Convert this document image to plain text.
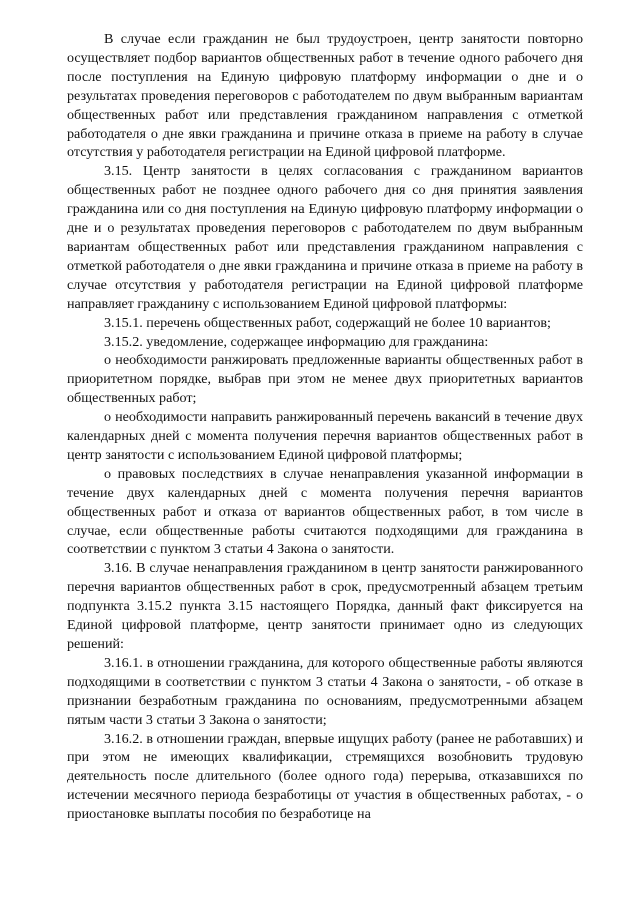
В случае если гражданин не был трудоустроен, центр занятости повторно осуществляет подбор вариантов общественных работ в течение одного рабочего дня после поступления на Единую цифровую платформу информации о дне и о результатах проведения переговоров с работодателем по двум выбранным вариантам общественных работ или представления гражданином направления с отметкой работодателя о дне явки гражданина и причине отказа в приеме на работу в случае отсутствия у работодателя регистрации на Единой цифровой платформе.

3.15. Центр занятости в целях согласования с гражданином вариантов общественных работ не позднее одного рабочего дня со дня принятия заявления гражданина или со дня поступления на Единую цифровую платформу информации о дне и о результатах проведения переговоров с работодателем по двум выбранным вариантам общественных работ или представления гражданином направления с отметкой работодателя о дне явки гражданина и причине отказа в приеме на работу в случае отсутствия у работодателя регистрации на Единой цифровой платформе направляет гражданину с использованием Единой цифровой платформы:

3.15.1. перечень общественных работ, содержащий не более 10 вариантов;

3.15.2. уведомление, содержащее информацию для гражданина:

о необходимости ранжировать предложенные варианты общественных работ в приоритетном порядке, выбрав при этом не менее двух приоритетных вариантов общественных работ;

о необходимости направить ранжированный перечень вакансий в течение двух календарных дней с момента получения перечня вариантов общественных работ в центр занятости с использованием Единой цифровой платформы;

о правовых последствиях в случае ненаправления указанной информации в течение двух календарных дней с момента получения перечня вариантов общественных работ и отказа от вариантов общественных работ, в том числе в случае, если общественные работы считаются подходящими для гражданина в соответствии с пунктом 3 статьи 4 Закона о занятости.

3.16. В случае ненаправления гражданином в центр занятости ранжированного перечня вариантов общественных работ в срок, предусмотренный абзацем третьим подпункта 3.15.2 пункта 3.15 настоящего Порядка, данный факт фиксируется на Единой цифровой платформе, центр занятости принимает одно из следующих решений:

3.16.1. в отношении гражданина, для которого общественные работы являются подходящими в соответствии с пунктом 3 статьи 4 Закона о занятости, - об отказе в признании безработным гражданина по основаниям, предусмотренными абзацем пятым части 3 статьи 3 Закона о занятости;

3.16.2. в отношении граждан, впервые ищущих работу (ранее не работавших) и при этом не имеющих квалификации, стремящихся возобновить трудовую деятельность после длительного (более одного года) перерыва, отказавшихся по истечении месячного периода безработицы от участия в общественных работах, - о приостановке выплаты пособия по безработице на
